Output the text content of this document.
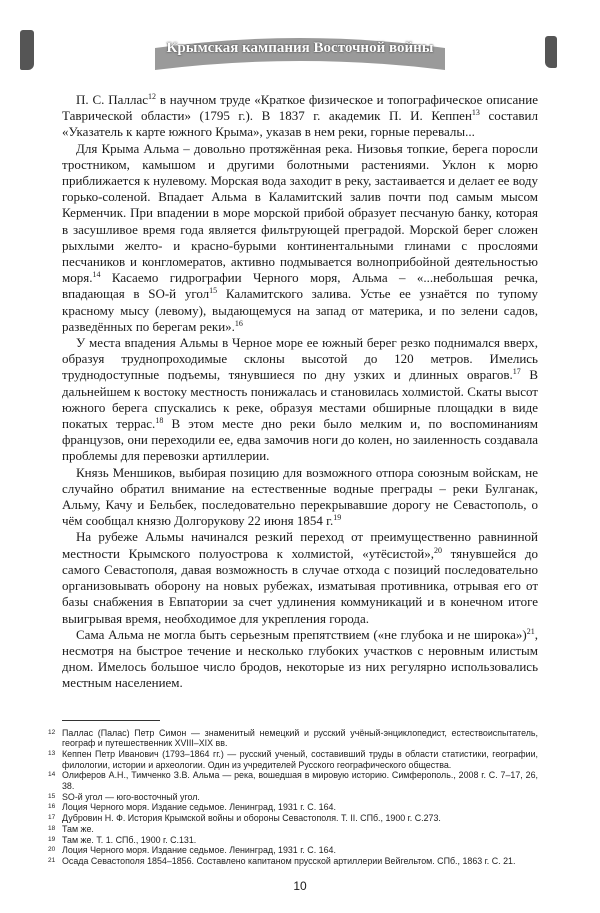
Крымская кампания Восточной войны

П. С. Паллас$^{12}$ в научном труде «Краткое физическое и топографическое описание Таврической области» (1795 г.). В 1837 г. академик П. И. Кеппен$^{13}$ составил «Указатель к карте южного Крыма», указав в нем реки, горные перевалы...

Для Крыма Альма – довольно протяжённая река. Низовья топкие, берега поросли тростником, камышом и другими болотными растениями. Уклон к морю приближается к нулевому. Морская вода заходит в реку, застаивается и делает ее воду горько-соленой. Впадает Альма в Каламитский залив почти под самым мысом Керменчик. При впадении в море морской прибой образует песчаную банку, которая в засушливое время года является фильтрующей преградой. Морской берег сложен рыхлыми желто- и красно-бурыми континентальными глинами с прослоями песчаников и конгломератов, активно подмывается волноприбойной деятельностью моря.$^{14}$ Касаемо гидрографии Черного моря, Альма – «...небольшая речка, впадающая в SO-й угол$^{15}$ Каламитского залива. Устье ее узнаётся по тупому красному мысу (левому), выдающемуся на запад от материка, и по зелени садов, разведённых по берегам реки».$^{16}$

У места впадения Альмы в Черное море ее южный берег резко поднимался вверх, образуя труднопроходимые склоны высотой до 120 метров. Имелись труднодоступные подъемы, тянувшиеся по дну узких и длинных оврагов.$^{17}$ В дальнейшем к востоку местность понижалась и становилась холмистой. Скаты высот южного берега спускались к реке, образуя местами обширные площадки в виде покатых террас.$^{18}$ В этом месте дно реки было мелким и, по воспоминаниям французов, они переходили ее, едва замочив ноги до колен, но заиленность создавала проблемы для перевозки артиллерии.

Князь Меншиков, выбирая позицию для возможного отпора союзным войскам, не случайно обратил внимание на естественные водные преграды – реки Булганак, Альму, Качу и Бельбек, последовательно перекрывавшие дорогу не Севастополь, о чём сообщал князю Долгорукову 22 июня 1854 г.$^{19}$

На рубеже Альмы начинался резкий переход от преимущественно равнинной местности Крымского полуострова к холмистой, «утёсистой»,$^{20}$ тянувшейся до самого Севастополя, давая возможность в случае отхода с позиций последовательно организовывать оборону на новых рубежах, изматывая противника, отрывая его от базы снабжения в Евпатории за счет удлинения коммуникаций и в конечном итоге выигрывая время, необходимое для укрепления города.

Сама Альма не могла быть серьезным препятствием («не глубока и не широка»)$^{21}$, несмотря на быстрое течение и несколько глубоких участков с неровным илистым дном. Имелось большое число бродов, некоторые из них регулярно использовались местным населением.

12 Паллас (Палас) Петр Симон — знаменитый немецкий и русский учёный-энциклопедист, естествоиспытатель, географ и путешественник XVIII–XIX вв.
13 Кеппен Петр Иванович (1793–1864 гг.) — русский ученый, составивший труды в области статистики, географии, филологии, истории и археологии. Один из учредителей Русского географического общества.
14 Олиферов А.Н., Тимченко З.В. Альма — река, вошедшая в мировую историю. Симферополь., 2008 г. С. 7–17, 26, 38.
15 SO-й угол — юго-восточный угол.
16 Лоция Черного моря. Издание седьмое. Ленинград, 1931 г. С. 164.
17 Дубровин Н. Ф. История Крымской войны и обороны Севастополя. Т. II. СПб., 1900 г. С.273.
18 Там же.
19 Там же. Т. 1. СПб., 1900 г. С.131.
20 Лоция Черного моря. Издание седьмое. Ленинград, 1931 г. С. 164.
21 Осада Севастополя 1854–1856. Составлено капитаном прусской артиллерии Вейгельтом. СПб., 1863 г. С. 21.
10
